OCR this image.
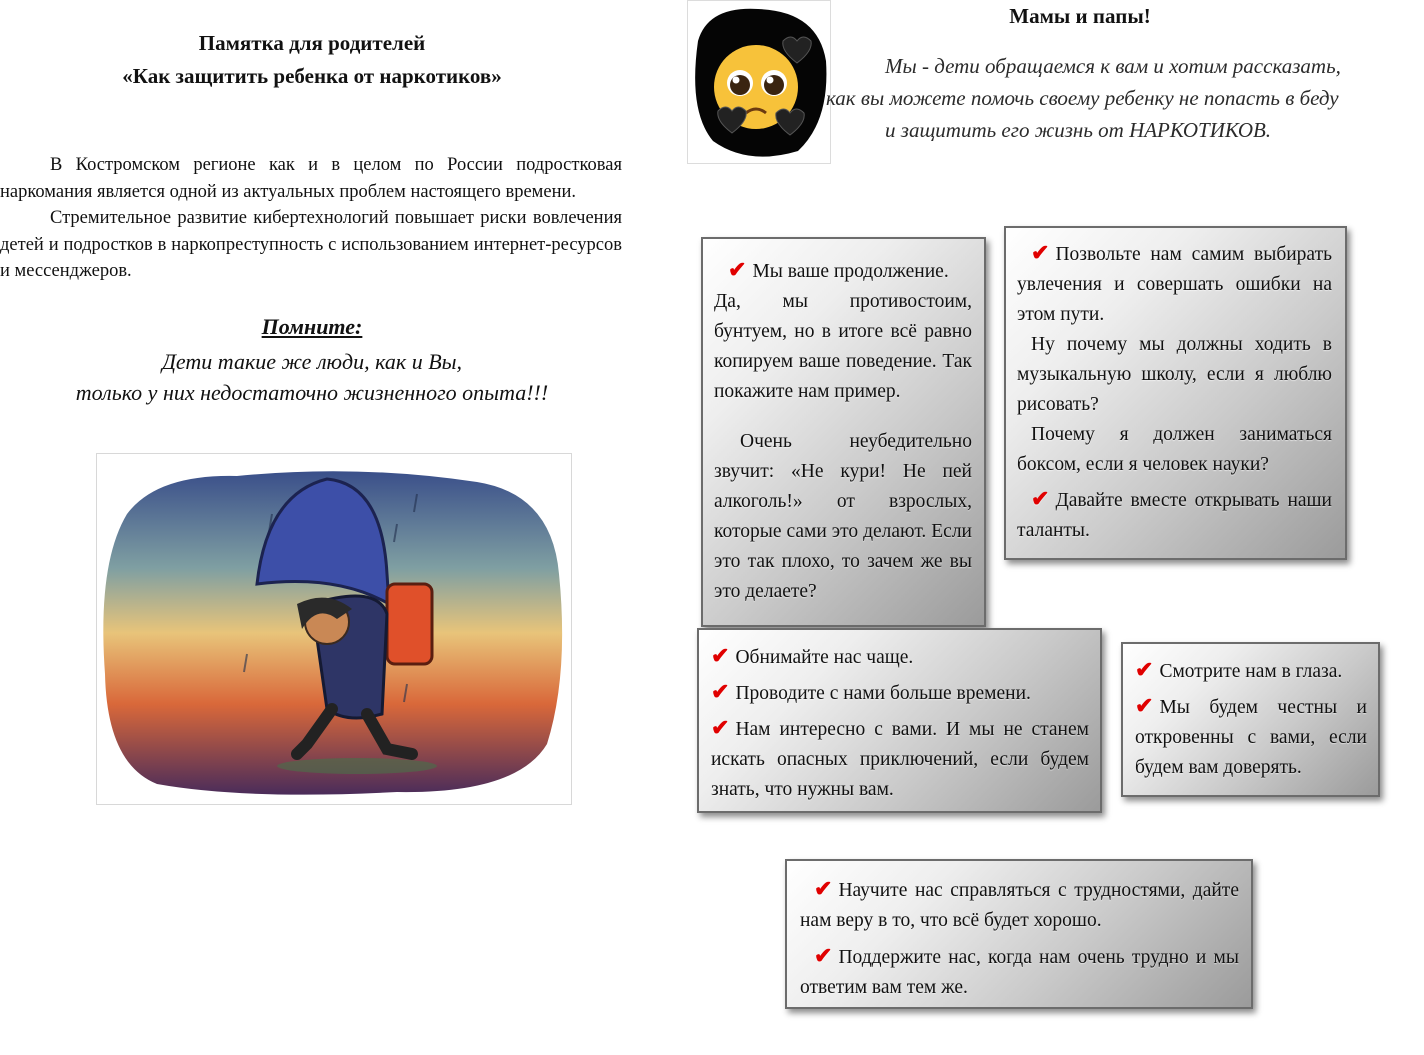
Памятка для родителей
«Как защитить ребенка от наркотиков»

В Костромском регионе как и в целом по России подростковая наркомания является одной из актуальных проблем настоящего времени.

Стремительное развитие кибертехнологий повышает риски вовлечения детей и подростков в наркопреступность с использованием интернет-ресурсов и мессенджеров.

Помните:
Дети такие же люди, как и Вы,
только у них недостаточно жизненного опыта!!!
Мамы и папы!
Мы - дети обращаемся к вам и хотим рассказать,
как вы можете помочь своему ребенку не попасть в беду
и защитить его жизнь от НАРКОТИКОВ.

✔ Мы ваше продолжение.

Да, мы противостоим, бунтуем, но в итоге всё равно копируем ваше поведение. Так покажите нам пример.

Очень неубедительно звучит: «Не кури! Не пей алкоголь!» от взрослых, которые сами это делают. Если это так плохо, то зачем же вы это делаете?

✔ Позвольте нам самим выбирать увлечения и совершать ошибки на этом пути.

Ну почему мы должны ходить в музыкальную школу, если я люблю рисовать?

Почему я должен заниматься боксом, если я человек науки?

✔ Давайте вместе открывать наши таланты.

✔ Обнимайте нас чаще.

✔ Проводите с нами больше времени.

✔ Нам интересно с вами. И мы не станем искать опасных приключений, если будем знать, что нужны вам.

✔ Смотрите нам в глаза.

✔ Мы будем честны и откровенны с вами, если будем вам доверять.

✔ Научите нас справляться с трудностями, дайте нам веру в то, что всё будет хорошо.

✔ Поддержите нас, когда нам очень трудно и мы ответим вам тем же.
